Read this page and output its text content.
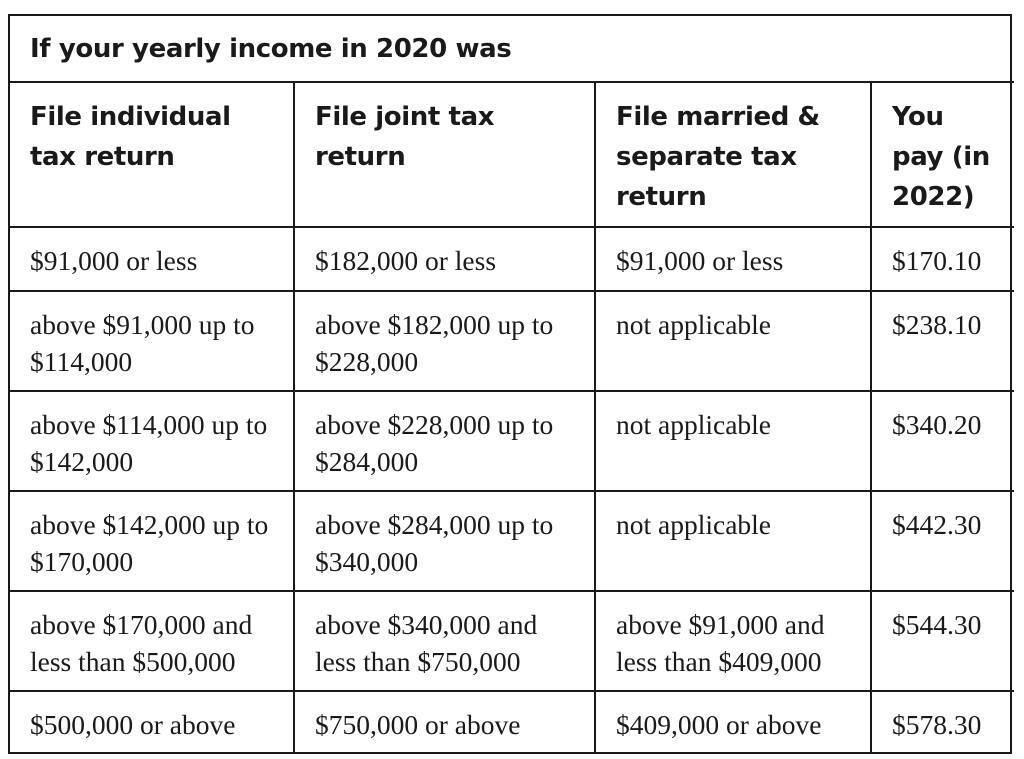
If your yearly income in 2020 was			
File individual tax return	File joint tax return	File married & separate tax return	You pay (in 2022)
$91,000 or less	$182,000 or less	$91,000 or less	$170.10
above $91,000 up to $114,000	above $182,000 up to $228,000	not applicable	$238.10
above $114,000 up to $142,000	above $228,000 up to $284,000	not applicable	$340.20
above $142,000 up to $170,000	above $284,000 up to $340,000	not applicable	$442.30
above $170,000 and less than $500,000	above $340,000 and less than $750,000	above $91,000 and less than $409,000	$544.30
$500,000 or above	$750,000 or above	$409,000 or above	$578.30
